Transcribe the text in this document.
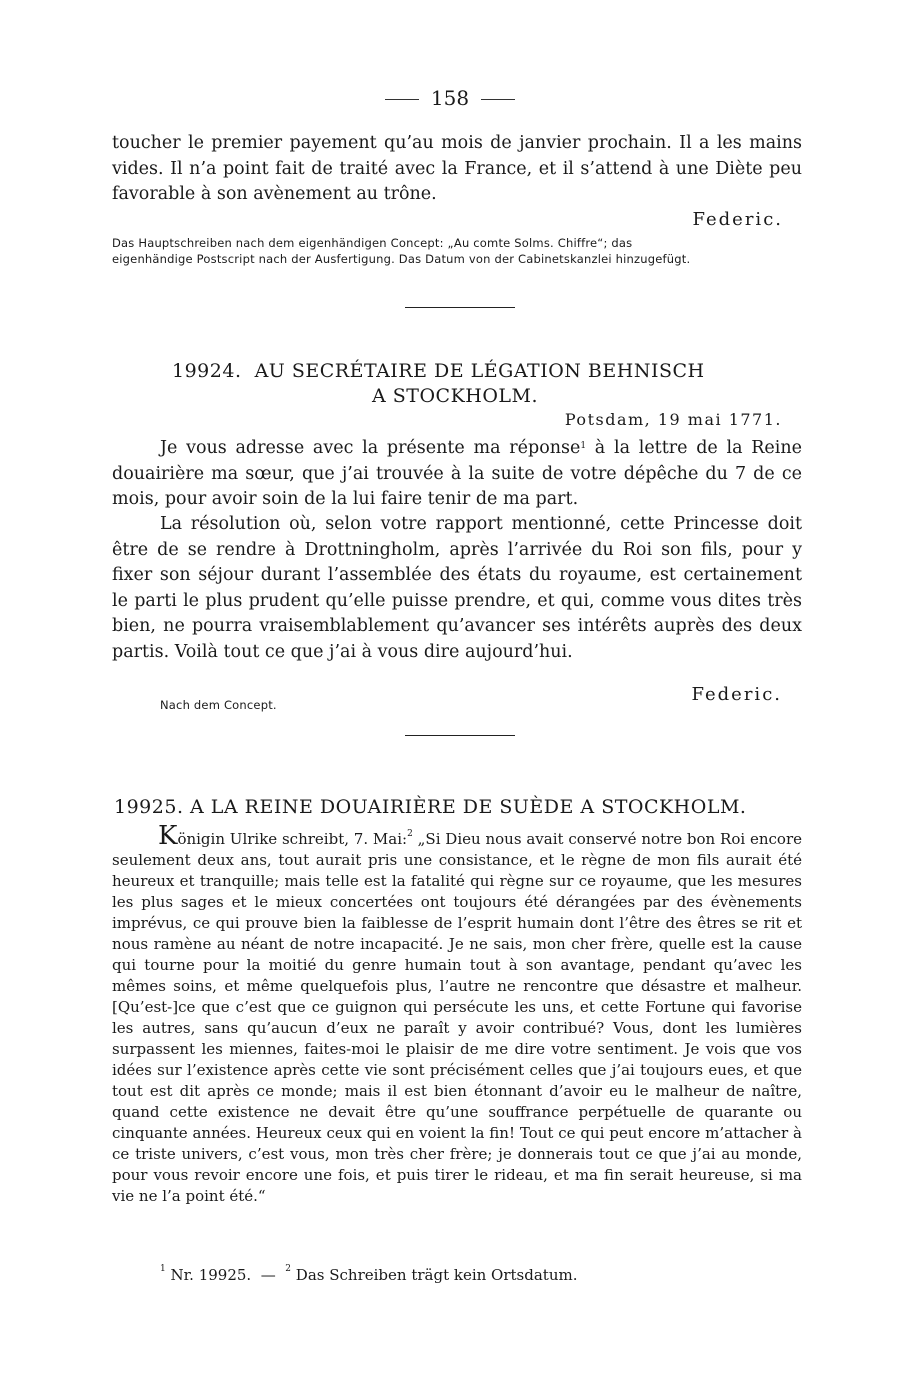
158

toucher le premier payement qu’au mois de janvier prochain. Il a les mains vides. Il n’a point fait de traité avec la France, et il s’attend à une Diète peu favorable à son avènement au trône.

Federic.
Das Hauptschreiben nach dem eigenhändigen Concept: „Au comte Solms. Chiffre“; das
eigenhändige Postscript nach der Ausfertigung. Das Datum von der Cabinetskanzlei hinzugefügt.
19924. AU SECRÉTAIRE DE LÉGATION BEHNISCH
A STOCKHOLM.
Potsdam, 19 mai 1771.

Je vous adresse avec la présente ma réponse$^1$ à la lettre de la Reine douairière ma sœur, que j’ai trouvée à la suite de votre dépêche du 7 de ce mois, pour avoir soin de la lui faire tenir de ma part.

La résolution où, selon votre rapport mentionné, cette Princesse doit être de se rendre à Drottningholm, après l’arrivée du Roi son fils, pour y fixer son séjour durant l’assemblée des états du royaume, est certainement le parti le plus prudent qu’elle puisse prendre, et qui, comme vous dites très bien, ne pourra vraisemblablement qu’avancer ses intérêts auprès des deux partis. Voilà tout ce que j’ai à vous dire aujourd’hui.

Federic.
Nach dem Concept.
19925. A LA REINE DOUAIRIÈRE DE SUÈDE A STOCKHOLM.

Königin Ulrike schreibt, 7. Mai:$^2$ „Si Dieu nous avait conservé notre bon Roi encore seulement deux ans, tout aurait pris une consistance, et le règne de mon fils aurait été heureux et tranquille; mais telle est la fatalité qui règne sur ce royaume, que les mesures les plus sages et le mieux concertées ont toujours été dérangées par des évènements imprévus, ce qui prouve bien la faiblesse de l’esprit humain dont l’être des êtres se rit et nous ramène au néant de notre incapacité. Je ne sais, mon cher frère, quelle est la cause qui tourne pour la moitié du genre humain tout à son avantage, pendant qu’avec les mêmes soins, et même quelquefois plus, l’autre ne rencontre que désastre et malheur. [Qu’est-]ce que c’est que ce guignon qui persécute les uns, et cette Fortune qui favorise les autres, sans qu’aucun d’eux ne paraît y avoir contribué? Vous, dont les lumières surpassent les miennes, faites-moi le plaisir de me dire votre sentiment. Je vois que vos idées sur l’existence après cette vie sont précisément celles que j’ai toujours eues, et que tout est dit après ce monde; mais il est bien étonnant d’avoir eu le malheur de naître, quand cette existence ne devait être qu’une souffrance perpétuelle de quarante ou cinquante années. Heureux ceux qui en voient la fin! Tout ce qui peut encore m’attacher à ce triste univers, c’est vous, mon très cher frère; je donnerais tout ce que j’ai au monde, pour vous revoir encore une fois, et puis tirer le rideau, et ma fin serait heureuse, si ma vie ne l’a point été.“

$^1$ Nr. 19925. — $^2$ Das Schreiben trägt kein Ortsdatum.
